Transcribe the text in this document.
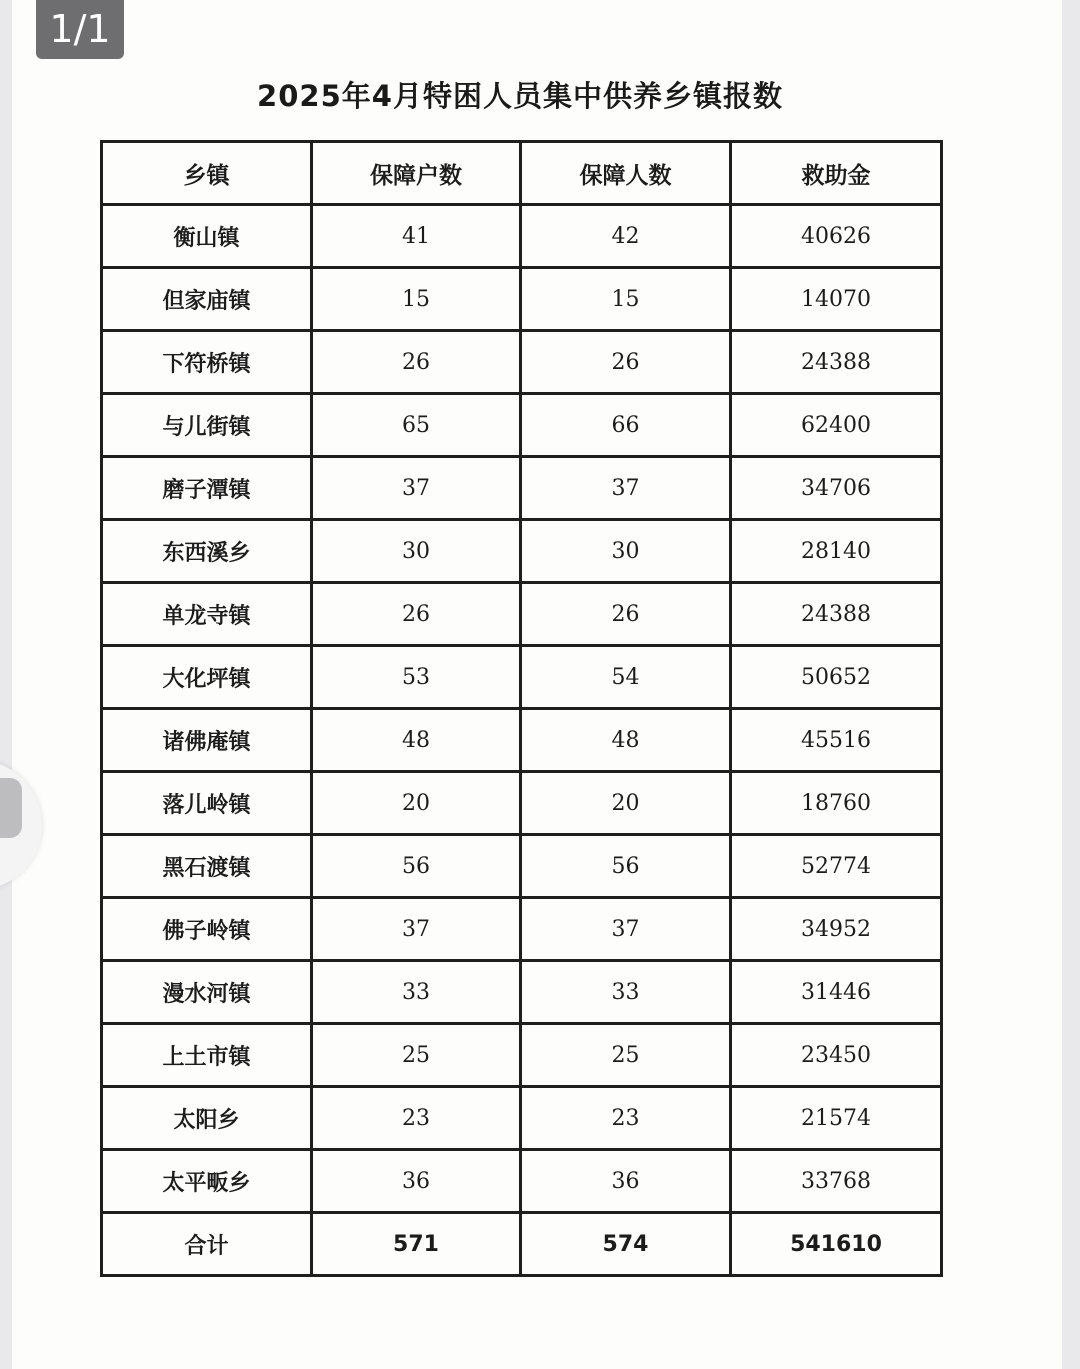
1/1
2025年4月特困人员集中供养乡镇报数
乡镇	保障户数	保障人数	救助金
衡山镇	41	42	40626
但家庙镇	15	15	14070
下符桥镇	26	26	24388
与儿街镇	65	66	62400
磨子潭镇	37	37	34706
东西溪乡	30	30	28140
单龙寺镇	26	26	24388
大化坪镇	53	54	50652
诸佛庵镇	48	48	45516
落儿岭镇	20	20	18760
黑石渡镇	56	56	52774
佛子岭镇	37	37	34952
漫水河镇	33	33	31446
上土市镇	25	25	23450
太阳乡	23	23	21574
太平畈乡	36	36	33768
合计	571	574	541610
